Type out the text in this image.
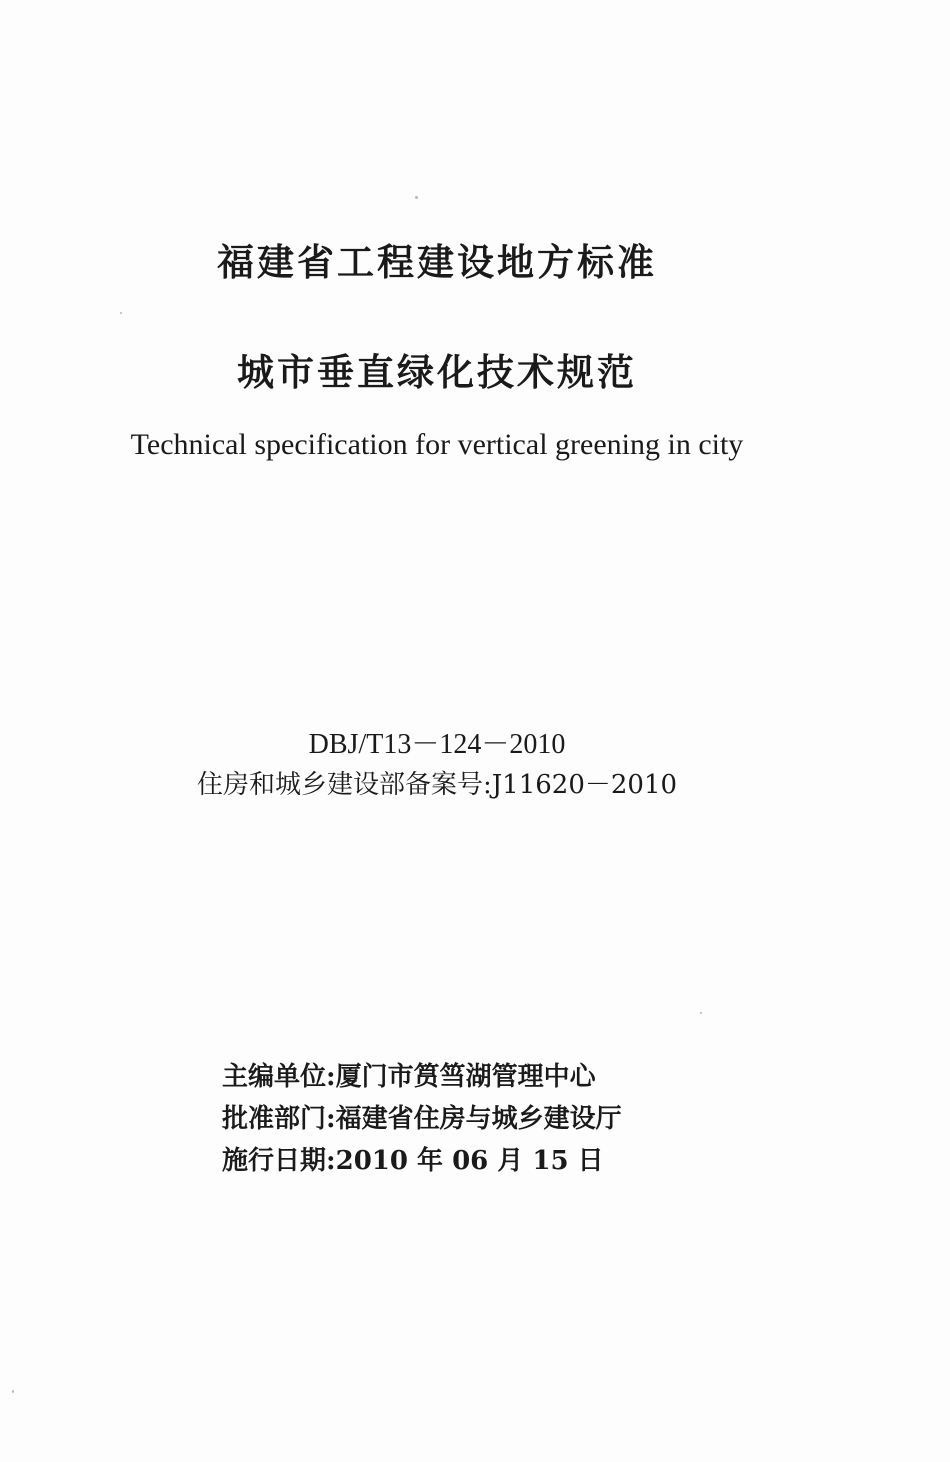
福建省工程建设地方标准

城市垂直绿化技术规范

Technical specification for vertical greening in city

DBJ/T13－124－2010

住房和城乡建设部备案号:J11620－2010

主编单位:厦门市筼筜湖管理中心

批准部门:福建省住房与城乡建设厅

施行日期:2010 年 06 月 15 日
